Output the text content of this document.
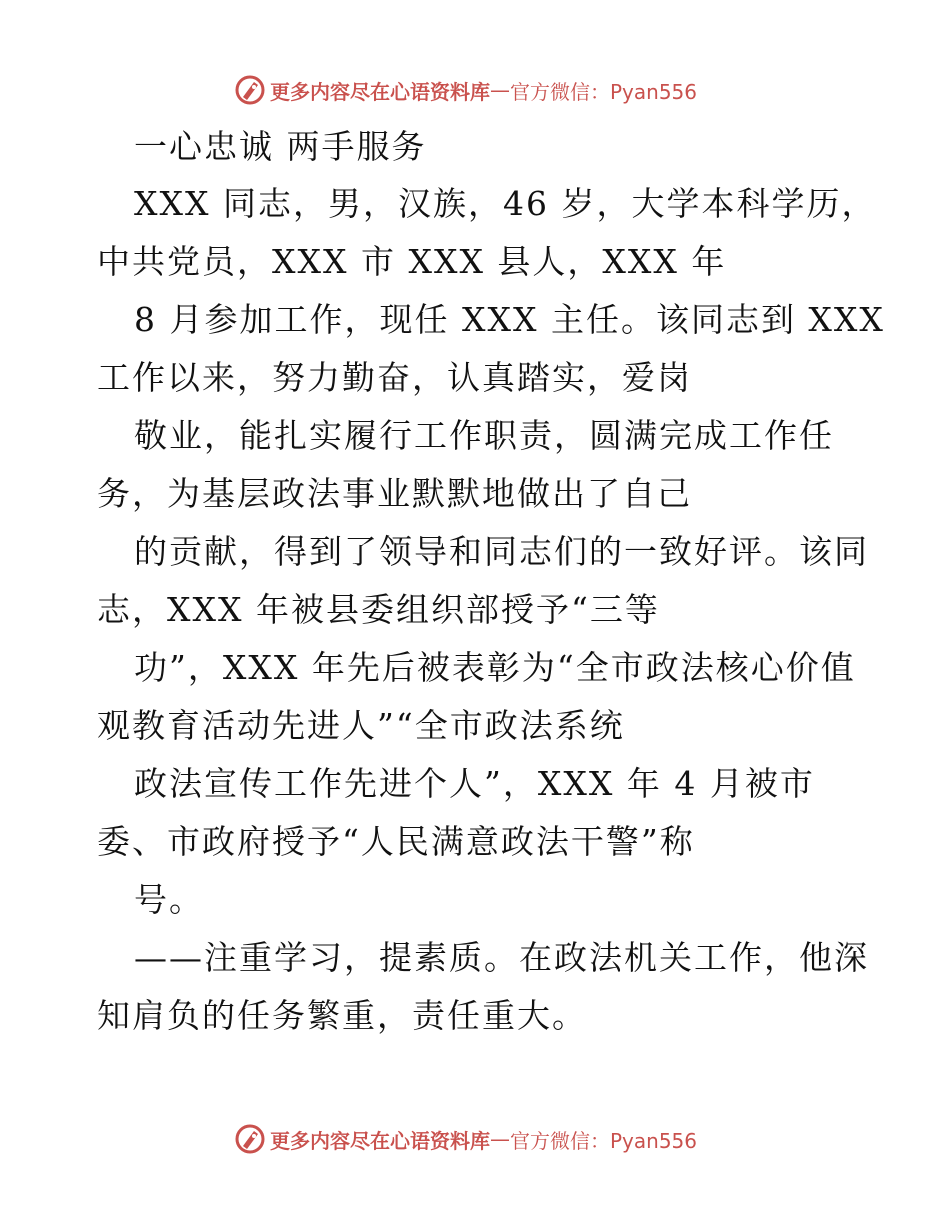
更多内容尽在心语资料库 — 官方微信：Pyan556
一心忠诚 两手服务
XXX 同志，男，汉族，46 岁，大学本科学历，
中共党员，XXX 市 XXX 县人，XXX 年
8 月参加工作，现任 XXX 主任。该同志到 XXX
工作以来，努力勤奋，认真踏实，爱岗
敬业，能扎实履行工作职责，圆满完成工作任
务，为基层政法事业默默地做出了自己
的贡献，得到了领导和同志们的一致好评。该同
志，XXX 年被县委组织部授予“三等
功”，XXX 年先后被表彰为“全市政法核心价值
观教育活动先进人”“全市政法系统
政法宣传工作先进个人”，XXX 年 4 月被市
委、市政府授予“人民满意政法干警”称
号。
——注重学习，提素质。在政法机关工作，他深
知肩负的任务繁重，责任重大。
更多内容尽在心语资料库 — 官方微信：Pyan556
